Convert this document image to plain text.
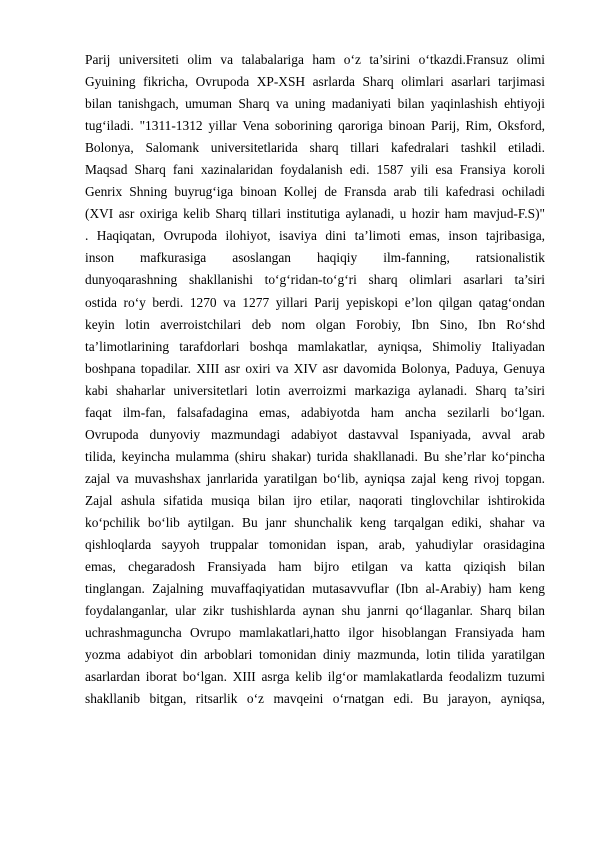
Parij universiteti olim va talabalariga ham o‘z ta’sirini o‘tkazdi.Fransuz olimi
Gyuining fikricha, Ovrupoda XP-XSH asrlarda Sharq olimlari asarlari tarjimasi
bilan tanishgach, umuman Sharq va uning madaniyati bilan yaqinlashish ehtiyoji
tug‘iladi. "1311-1312 yillar Vena soborining qaroriga binoan Parij, Rim, Oksford,
Bolonya, Salomank universitetlarida sharq tillari kafedralari tashkil etiladi.
Maqsad Sharq fani xazinalaridan foydalanish edi. 1587 yili esa Fransiya koroli
Genrix Shning buyrug‘iga binoan Kollej de Fransda arab tili kafedrasi ochiladi
(XVI asr oxiriga kelib Sharq tillari institutiga aylanadi, u hozir ham mavjud-F.S)"
. Haqiqatan, Ovrupoda ilohiyot, isaviya dini ta’limoti emas, inson tajribasiga,
inson mafkurasiga asoslangan haqiqiy ilm-fanning, ratsionalistik
dunyoqarashning shakllanishi to‘g‘ridan-to‘g‘ri sharq olimlari asarlari ta’siri
ostida ro‘y berdi. 1270 va 1277 yillari Parij yepiskopi e’lon qilgan qatag‘ondan
keyin lotin averroistchilari deb nom olgan Forobiy, Ibn Sino, Ibn Ro‘shd
ta’limotlarining tarafdorlari boshqa mamlakatlar, ayniqsa, Shimoliy Italiyadan
boshpana topadilar. XIII asr oxiri va XIV asr davomida Bolonya, Paduya, Genuya
kabi shaharlar universitetlari lotin averroizmi markaziga aylanadi. Sharq ta’siri
faqat ilm-fan, falsafadagina emas, adabiyotda ham ancha sezilarli bo‘lgan.
Ovrupoda dunyoviy mazmundagi adabiyot dastavval Ispaniyada, avval arab
tilida, keyincha mulamma (shiru shakar) turida shakllanadi. Bu she’rlar ko‘pincha
zajal va muvashshax janrlarida yaratilgan bo‘lib, ayniqsa zajal keng rivoj topgan.
Zajal ashula sifatida musiqa bilan ijro etilar, naqorati tinglovchilar ishtirokida
ko‘pchilik bo‘lib aytilgan. Bu janr shunchalik keng tarqalgan ediki, shahar va
qishloqlarda sayyoh truppalar tomonidan ispan, arab, yahudiylar orasidagina
emas, chegaradosh Fransiyada ham bijro etilgan va katta qiziqish bilan
tinglangan. Zajalning muvaffaqiyatidan mutasavvuflar (Ibn al-Arabiy) ham keng
foydalanganlar, ular zikr tushishlarda aynan shu janrni qo‘llaganlar. Sharq bilan
uchrashmaguncha Ovrupo mamlakatlari,hatto ilgor hisoblangan Fransiyada ham
yozma adabiyot din arboblari tomonidan diniy mazmunda, lotin tilida yaratilgan
asarlardan iborat bo‘lgan. XIII asrga kelib ilg‘or mamlakatlarda feodalizm tuzumi
shakllanib bitgan, ritsarlik o‘z mavqeini o‘rnatgan edi. Bu jarayon, ayniqsa,
